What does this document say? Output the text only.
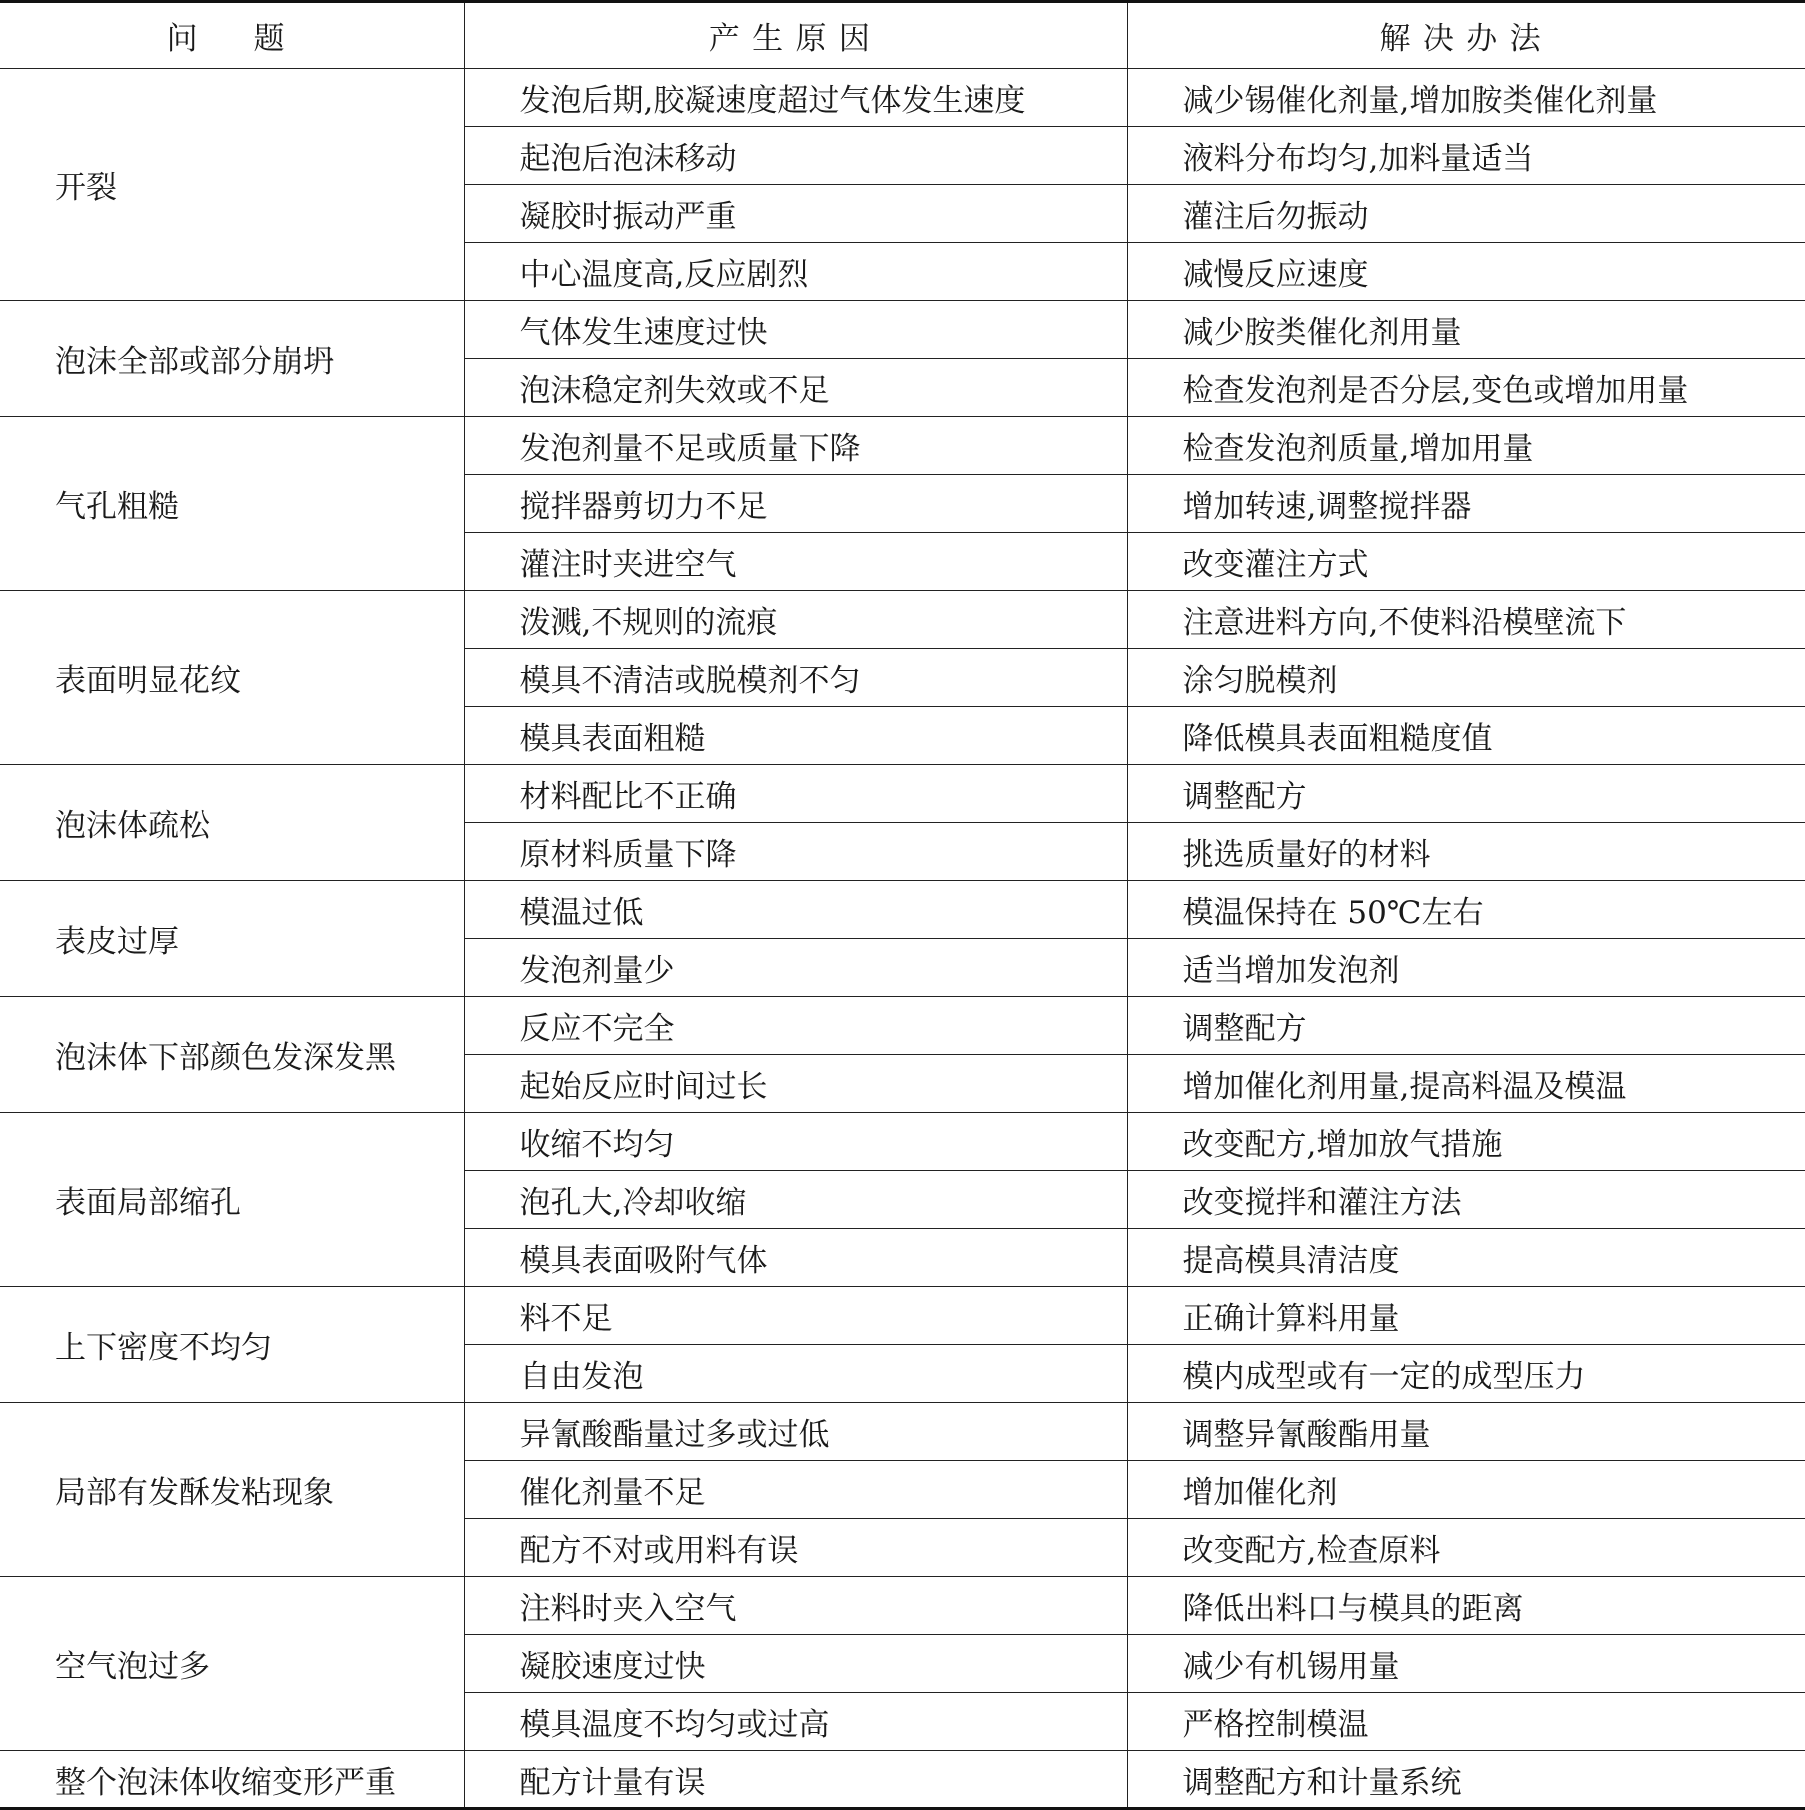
问　题	产生原因	解决办法
开裂	发泡后期,胶凝速度超过气体发生速度	减少锡催化剂量,增加胺类催化剂量
	起泡后泡沫移动	液料分布均匀,加料量适当
	凝胶时振动严重	灌注后勿振动
	中心温度高,反应剧烈	减慢反应速度
泡沫全部或部分崩坍	气体发生速度过快	减少胺类催化剂用量
	泡沫稳定剂失效或不足	检查发泡剂是否分层,变色或增加用量
气孔粗糙	发泡剂量不足或质量下降	检查发泡剂质量,增加用量
	搅拌器剪切力不足	增加转速,调整搅拌器
	灌注时夹进空气	改变灌注方式
表面明显花纹	泼溅,不规则的流痕	注意进料方向,不使料沿模壁流下
	模具不清洁或脱模剂不匀	涂匀脱模剂
	模具表面粗糙	降低模具表面粗糙度值
泡沫体疏松	材料配比不正确	调整配方
	原材料质量下降	挑选质量好的材料
表皮过厚	模温过低	模温保持在 50℃左右
	发泡剂量少	适当增加发泡剂
泡沫体下部颜色发深发黑	反应不完全	调整配方
	起始反应时间过长	增加催化剂用量,提高料温及模温
表面局部缩孔	收缩不均匀	改变配方,增加放气措施
	泡孔大,冷却收缩	改变搅拌和灌注方法
	模具表面吸附气体	提高模具清洁度
上下密度不均匀	料不足	正确计算料用量
	自由发泡	模内成型或有一定的成型压力
局部有发酥发粘现象	异氰酸酯量过多或过低	调整异氰酸酯用量
	催化剂量不足	增加催化剂
	配方不对或用料有误	改变配方,检查原料
空气泡过多	注料时夹入空气	降低出料口与模具的距离
	凝胶速度过快	减少有机锡用量
	模具温度不均匀或过高	严格控制模温
整个泡沫体收缩变形严重	配方计量有误	调整配方和计量系统
